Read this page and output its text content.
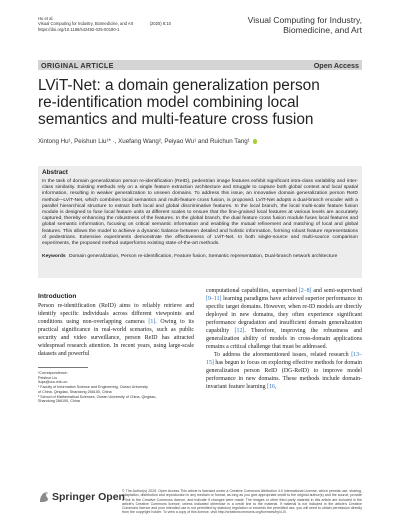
Hu et al.
Visual Computing for Industry, Biomedicine, and Art	(2025) 8:10
https://doi.org/10.1186/s42492-025-00190-1
Visual Computing for Industry,
Biomedicine, and Art
ORIGINAL ARTICLE	Open Access
LViT-Net: a domain generalization person
re-identification model combining local
semantics and multi-feature cross fusion
Xintong Hu¹, Peishun Liu¹* ·, Xuefang Wang², Peiyao Wu¹ and Ruichun Tang¹
Abstract
In the task of domain generalization person re-identification (ReID), pedestrian image features exhibit significant intra-class variability and inter-class similarity. Existing methods rely on a single feature extraction architecture and struggle to capture both global context and local spatial information, resulting in weaker generalization to unseen domains. To address this issue, an innovative domain generalization person ReID method—LViT-Net, which combines local semantics and multi-feature cross fusion, is proposed. LViT-Net adopts a dual-branch encoder with a parallel hierarchical structure to extract both local and global discriminative features. In the local branch, the local multi-scale feature fusion module is designed to fuse local feature units at different scales to ensure that the fine-grained local features at various levels are accurately captured, thereby enhancing the robustness of the features. In the global branch, the dual feature cross fusion module fuses local features and global semantic information, focusing on critical semantic information and enabling the mutual refinement and matching of local and global features. This allows the model to achieve a dynamic balance between detailed and holistic information, forming robust feature representations of pedestrians. Extensive experiments demonstrate the effectiveness of LViT-Net. In both single-source and multi-source comparison experiments, the proposed method outperforms existing state-of-the-art methods.
Keywords Domain generalization, Person re-identification, Feature fusion, Semantic representation, Dual-branch network architecture
Introduction

Person re-identification (ReID) aims to reliably retrieve and identify specific individuals across different viewpoints and conditions using non-overlapping cameras [1]. Owing to its practical significance in real-world scenarios, such as public security and video surveillance, person ReID has attracted widespread research attention. In recent years, using large-scale datasets and powerful

computational capabilities, supervised [2–8] and semi-supervised [9–11] learning paradigms have achieved superior performance in specific target domains. However, when re-ID models are directly deployed in new domains, they often experience significant performance degradation and insufficient domain generalization capability [12]. Therefore, improving the robustness and generalization ability of models in cross-domain applications remains a critical challenge that must be addressed.

To address the aforementioned issues, related research [13–15] has begun to focus on exploring effective methods for domain generalization person ReID (DG-ReID) to improve model performance in new domains. These methods include domain-invariant feature learning [16,

*Correspondence:
Peishun Liu
liups@ouc.edu.cn
¹ Faculty of Information Science and Engineering, Ocean University
of China, Qingdao, Shandong 266100, China
² School of Mathematical Sciences, Ocean University of China, Qingdao,
Shandong 266100, China
Springer Open
© The Author(s) 2025. Open Access This article is licensed under a Creative Commons Attribution 4.0 International License, which permits use, sharing, adaptation, distribution and reproduction in any medium or format, as long as you give appropriate credit to the original author(s) and the source, provide a link to the Creative Commons licence, and indicate if changes were made. The images or other third party material in this article are included in the article's Creative Commons licence, unless indicated otherwise in a credit line to the material. If material is not included in the article's Creative Commons licence and your intended use is not permitted by statutory regulation or exceeds the permitted use, you will need to obtain permission directly from the copyright holder. To view a copy of this licence, visit http://creativecommons.org/licenses/by/4.0/.
